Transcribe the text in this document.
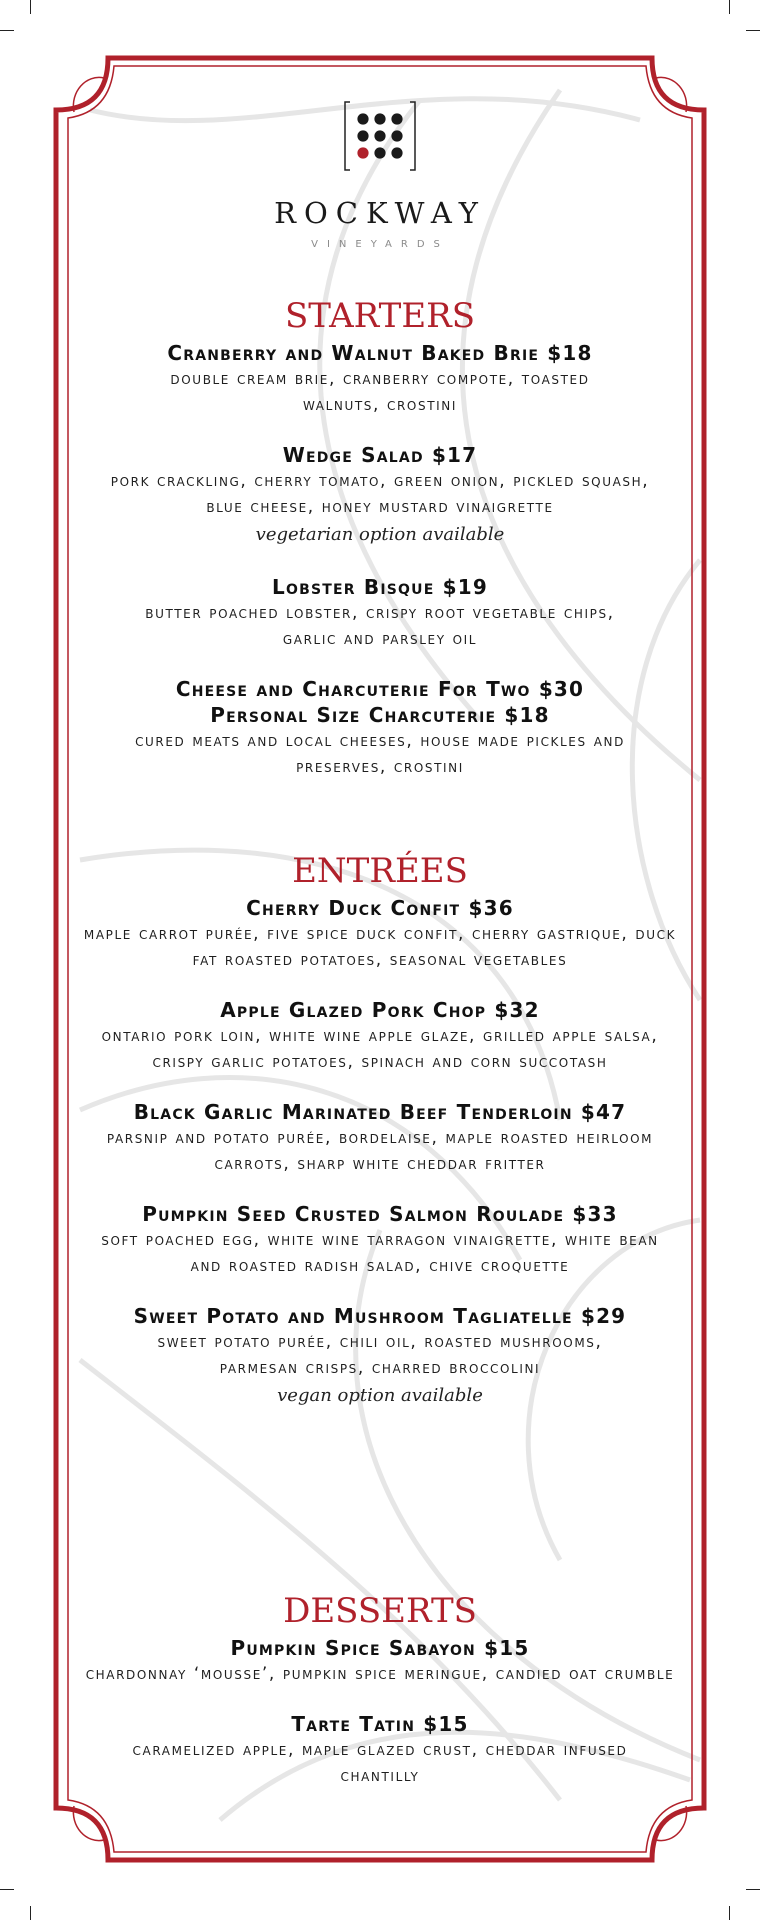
ROCKWAY
VINEYARDS
STARTERS
Cranberry and Walnut Baked Brie $18
double cream brie, cranberry compote, toasted walnuts, crostini
Wedge Salad $17
pork crackling, cherry tomato, green onion, pickled squash, blue cheese, honey mustard vinaigrette
vegetarian option available
Lobster Bisque $19
butter poached lobster, crispy root vegetable chips, garlic and parsley oil
Cheese and Charcuterie For Two $30
Personal Size Charcuterie $18
cured meats and local cheeses, house made pickles and preserves, crostini
ENTRÉES
Cherry Duck Confit $36
maple carrot purée, five spice duck confit, cherry gastrique, duck fat roasted potatoes, seasonal vegetables
Apple Glazed Pork Chop $32
ontario pork loin, white wine apple glaze, grilled apple salsa, crispy garlic potatoes, spinach and corn succotash
Black Garlic Marinated Beef Tenderloin $47
parsnip and potato purée, bordelaise, maple roasted heirloom carrots, sharp white cheddar fritter
Pumpkin Seed Crusted Salmon Roulade $33
soft poached egg, white wine tarragon vinaigrette, white bean and roasted radish salad, chive croquette
Sweet Potato and Mushroom Tagliatelle $29
sweet potato purée, chili oil, roasted mushrooms, parmesan crisps, charred broccolini
vegan option available
DESSERTS
Pumpkin Spice Sabayon $15
chardonnay ‘mousse’, pumpkin spice meringue, candied oat crumble
Tarte Tatin $15
caramelized apple, maple glazed crust, cheddar infused chantilly
